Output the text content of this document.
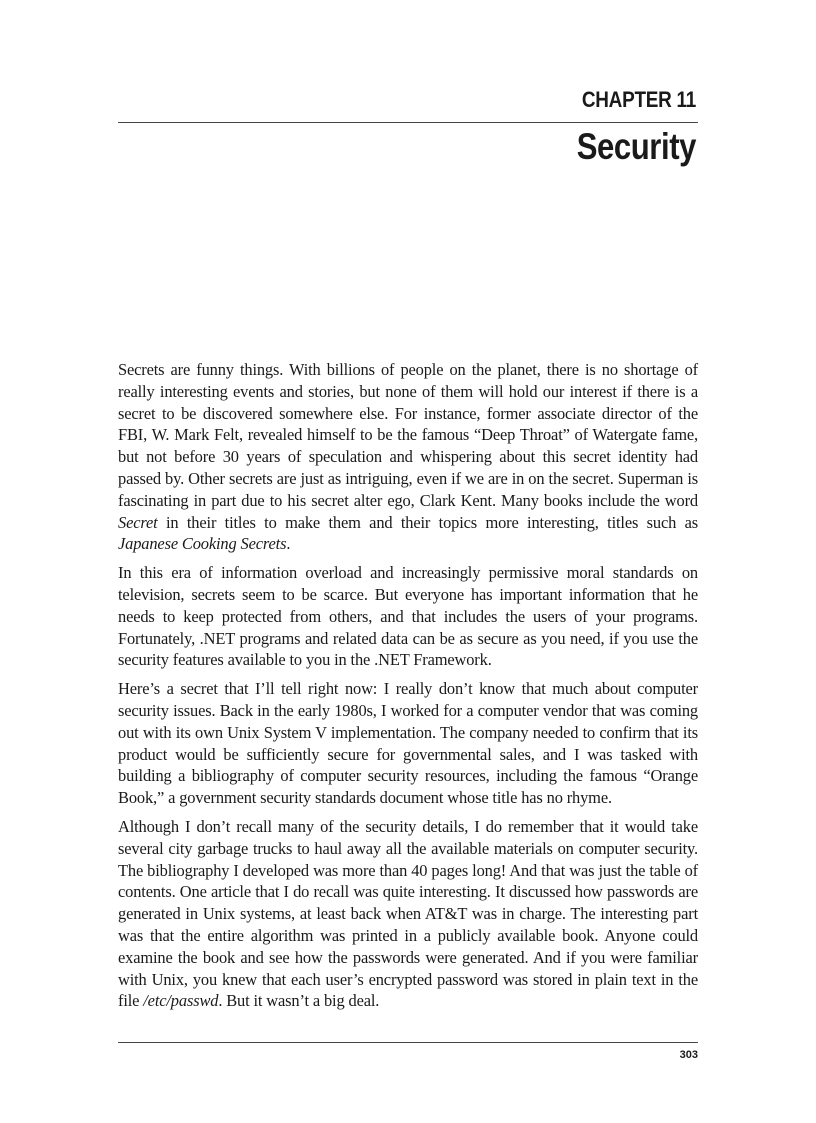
CHAPTER 11
Security

Secrets are funny things. With billions of people on the planet, there is no shortage of really interesting events and stories, but none of them will hold our interest if there is a secret to be discovered somewhere else. For instance, former associate director of the FBI, W. Mark Felt, revealed himself to be the famous “Deep Throat” of Watergate fame, but not before 30 years of speculation and whispering about this secret identity had passed by. Other secrets are just as intriguing, even if we are in on the secret. Superman is fascinating in part due to his secret alter ego, Clark Kent. Many books include the word Secret in their titles to make them and their topics more interesting, titles such as Japanese Cooking Secrets.

In this era of information overload and increasingly permissive moral standards on television, secrets seem to be scarce. But everyone has important information that he needs to keep protected from others, and that includes the users of your programs. Fortunately, .NET programs and related data can be as secure as you need, if you use the security features available to you in the .NET Framework.

Here’s a secret that I’ll tell right now: I really don’t know that much about computer security issues. Back in the early 1980s, I worked for a computer vendor that was coming out with its own Unix System V implementation. The company needed to confirm that its product would be sufficiently secure for governmental sales, and I was tasked with building a bibliography of computer security resources, including the famous “Orange Book,” a government security standards document whose title has no rhyme.

Although I don’t recall many of the security details, I do remember that it would take several city garbage trucks to haul away all the available materials on computer security. The bibliography I developed was more than 40 pages long! And that was just the table of contents. One article that I do recall was quite interesting. It discussed how passwords are generated in Unix systems, at least back when AT&T was in charge. The interesting part was that the entire algorithm was printed in a publicly available book. Anyone could examine the book and see how the passwords were generated. And if you were familiar with Unix, you knew that each user’s encrypted password was stored in plain text in the file /etc/passwd. But it wasn’t a big deal.

303
